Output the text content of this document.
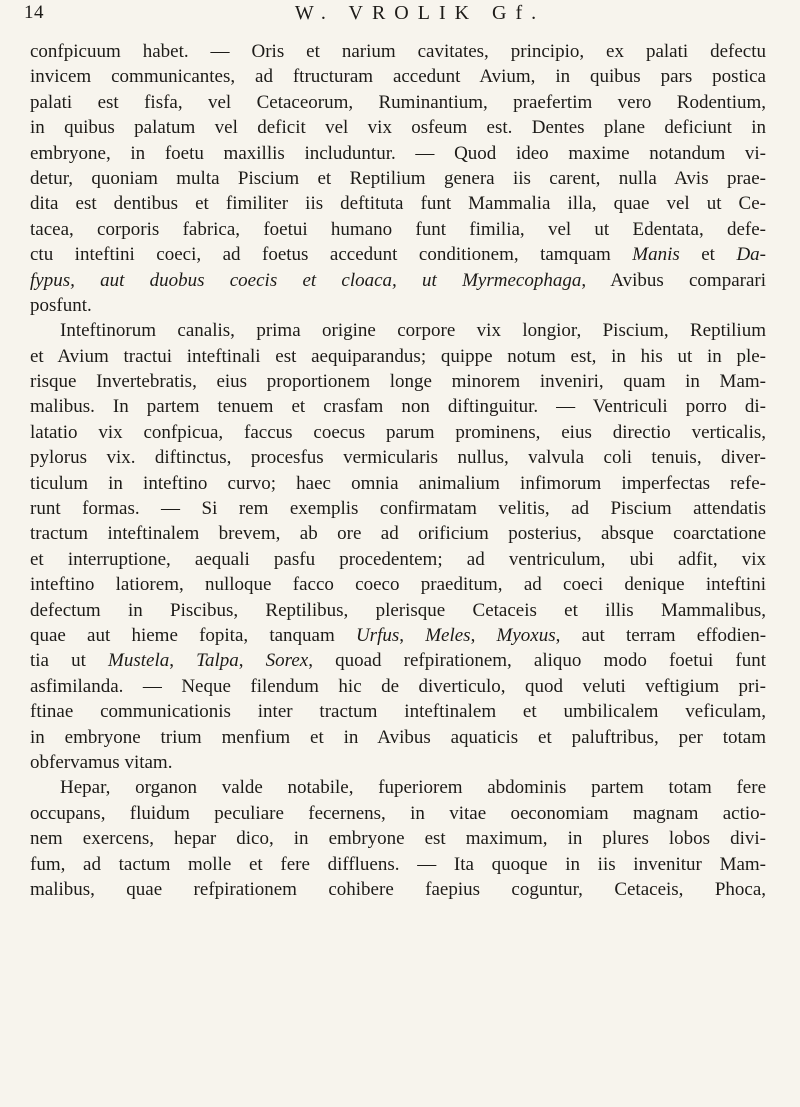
14	W. VROLIK Gf.
confpicuum habet. — Oris et narium cavitates, principio, ex palati defectu
invicem communicantes, ad ftructuram accedunt Avium, in quibus pars postica
palati est fisfa, vel Cetaceorum, Ruminantium, praefertim vero Rodentium,
in quibus palatum vel deficit vel vix osfeum est. Dentes plane deficiunt in
embryone, in foetu maxillis includuntur. — Quod ideo maxime notandum vi-
detur, quoniam multa Piscium et Reptilium genera iis carent, nulla Avis prae-
dita est dentibus et fimiliter iis deftituta funt Mammalia illa, quae vel ut Ce-
tacea, corporis fabrica, foetui humano funt fimilia, vel ut Edentata, defe-
ctu inteftini coeci, ad foetus accedunt conditionem, tamquam Manis et Da-
fypus, aut duobus coecis et cloaca, ut Myrmecophaga, Avibus comparari
posfunt.
Inteftinorum canalis, prima origine corpore vix longior, Piscium, Reptilium
et Avium tractui inteftinali est aequiparandus; quippe notum est, in his ut in ple-
risque Invertebratis, eius proportionem longe minorem inveniri, quam in Mam-
malibus. In partem tenuem et crasfam non diftinguitur. — Ventriculi porro di-
latatio vix confpicua, faccus coecus parum prominens, eius directio verticalis,
pylorus vix. diftinctus, procesfus vermicularis nullus, valvula coli tenuis, diver-
ticulum in inteftino curvo; haec omnia animalium infimorum imperfectas refe-
runt formas. — Si rem exemplis confirmatam velitis, ad Piscium attendatis
tractum inteftinalem brevem, ab ore ad orificium posterius, absque coarctatione
et interruptione, aequali pasfu procedentem; ad ventriculum, ubi adfit, vix
inteftino latiorem, nulloque facco coeco praeditum, ad coeci denique inteftini
defectum in Piscibus, Reptilibus, plerisque Cetaceis et illis Mammalibus,
quae aut hieme fopita, tanquam Urfus, Meles, Myoxus, aut terram effodien-
tia ut Mustela, Talpa, Sorex, quoad refpirationem, aliquo modo foetui funt
asfimilanda. — Neque filendum hic de diverticulo, quod veluti veftigium pri-
ftinae communicationis inter tractum inteftinalem et umbilicalem veficulam,
in embryone trium menfium et in Avibus aquaticis et paluftribus, per totam
obfervamus vitam.
Hepar, organon valde notabile, fuperiorem abdominis partem totam fere
occupans, fluidum peculiare fecernens, in vitae oeconomiam magnam actio-
nem exercens, hepar dico, in embryone est maximum, in plures lobos divi-
fum, ad tactum molle et fere diffluens. — Ita quoque in iis invenitur Mam-
malibus, quae refpirationem cohibere faepius coguntur, Cetaceis, Phoca,
